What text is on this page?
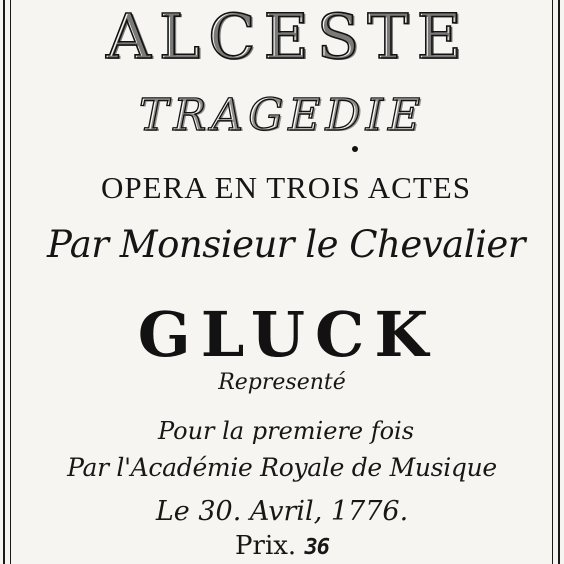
ALCESTE
TRAGEDIE
OPERA EN TROIS ACTES
Par Monsieur le Chevalier
GLUCK
Representé
Pour la premiere fois
Par l'Académie Royale de Musique
Le 30. Avril, 1776.
Prix. 36
